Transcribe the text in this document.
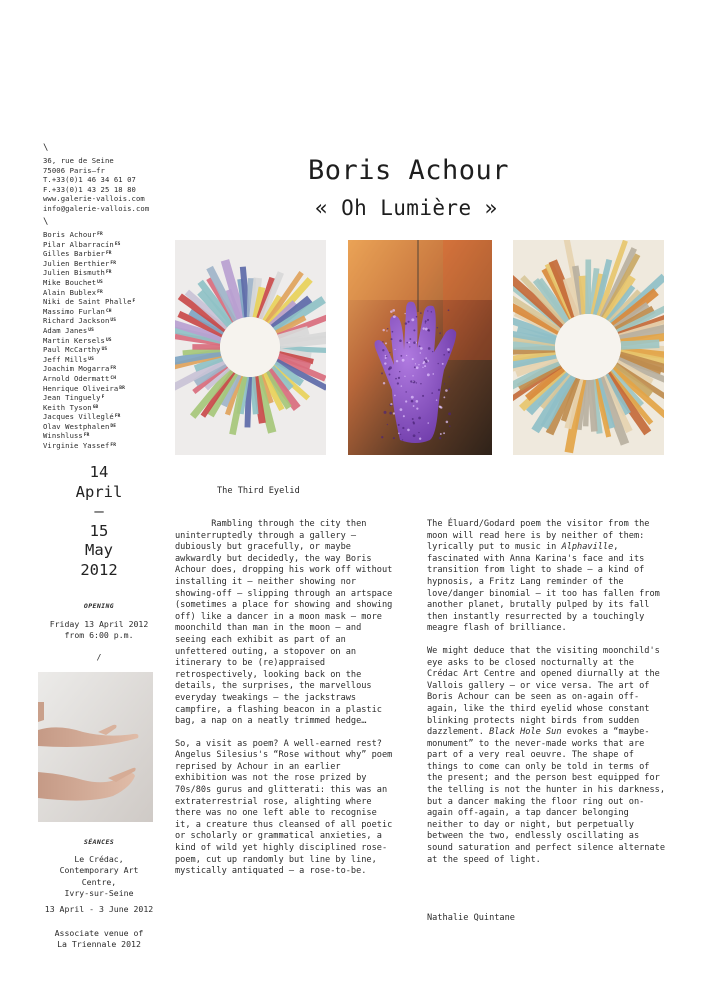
\
36, rue de Seine
75006 Paris—fr
T.+33(0)1 46 34 61 07
F.+33(0)1 43 25 18 80
www.galerie-vallois.com
info@galerie-vallois.com
\
Boris Achour$^{FR}$
Pilar Albarracín$^{ES}$
Gilles Barbier$^{FR}$
Julien Berthier$^{FR}$
Julien Bismuth$^{FR}$
Mike Bouchet$^{US}$
Alain Bublex$^{FR}$
Niki de Saint Phalle$^F$
Massimo Furlan$^{CH}$
Richard Jackson$^{US}$
Adam Janes$^{US}$
Martin Kersels$^{US}$
Paul McCarthy$^{US}$
Jeff Mills$^{US}$
Joachim Mogarra$^{FR}$
Arnold Odermatt$^{CH}$
Henrique Oliveira$^{BR}$
Jean Tinguely$^F$
Keith Tyson$^{GB}$
Jacques Villeglé$^{FR}$
Olav Westphalen$^{DE}$
Winshluss$^{FR}$
Virginie Yassef$^{FR}$
14
April
—
15
May
2012
OPENING
Friday 13 April 2012
from 6:00 p.m.
/
SÉANCES
Le Crédac,
Contemporary Art
Centre,
Ivry-sur-Seine
13 April - 3 June 2012
Associate venue of
La Triennale 2012
Boris Achour
« Oh Lumière »
The Third Eyelid

Rambling through the city then uninterruptedly through a gallery – dubiously but gracefully, or maybe awkwardly but decidedly, the way Boris Achour does, dropping his work off without installing it – neither showing nor showing-off – slipping through an artspace (sometimes a place for showing and showing off) like a dancer in a moon mask – more moonchild than man in the moon – and seeing each exhibit as part of an unfettered outing, a stopover on an itinerary to be (re)appraised retrospectively, looking back on the details, the surprises, the marvellous everyday tweakings – the jackstraws campfire, a flashing beacon in a plastic bag, a nap on a neatly trimmed hedge…

So, a visit as poem? A well-earned rest? Angelus Silesius's “Rose without why” poem reprised by Achour in an earlier exhibition was not the rose prized by 70s/80s gurus and glitterati: this was an extraterrestrial rose, alighting where there was no one left able to recognise it, a creature thus cleansed of all poetic or scholarly or grammatical anxieties, a kind of wild yet highly disciplined rose-poem, cut up randomly but line by line, mystically antiquated – a rose-to-be.

The Éluard/Godard poem the visitor from the moon will read here is by neither of them: lyrically put to music in Alphaville, fascinated with Anna Karina's face and its transition from light to shade – a kind of hypnosis, a Fritz Lang reminder of the love/danger binomial – it too has fallen from another planet, brutally pulped by its fall then instantly resurrected by a touchingly meagre flash of brilliance.

We might deduce that the visiting moonchild's eye asks to be closed nocturnally at the Crédac Art Centre and opened diurnally at the Vallois gallery – or vice versa. The art of Boris Achour can be seen as on-again off-again, like the third eyelid whose constant blinking protects night birds from sudden dazzlement. Black Hole Sun evokes a “maybe-monument” to the never-made works that are part of a very real oeuvre. The shape of things to come can only be told in terms of the present; and the person best equipped for the telling is not the hunter in his darkness, but a dancer making the floor ring out on-again off-again, a tap dancer belonging neither to day or night, but perpetually between the two, endlessly oscillating as sound saturation and perfect silence alternate at the speed of light.

Nathalie Quintane
